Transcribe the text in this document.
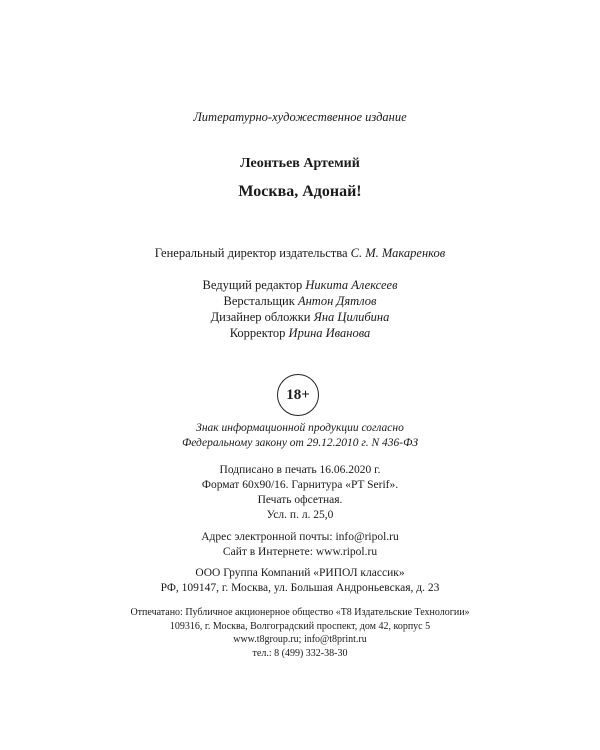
Литературно-художественное издание
Леонтьев Артемий
Москва, Адонай!
Генеральный директор издательства С. М. Макаренков
Ведущий редактор Никита Алексеев
Верстальщик Антон Дятлов
Дизайнер обложки Яна Цилибина
Корректор Ирина Иванова
18+
Знак информационной продукции согласно
Федеральному закону от 29.12.2010 г. N 436-ФЗ
Подписано в печать 16.06.2020 г.
Формат 60х90/16. Гарнитура «PT Serif».
Печать офсетная.
Усл. п. л. 25,0
Адрес электронной почты: info@ripol.ru
Сайт в Интернете: www.ripol.ru
ООО Группа Компаний «РИПОЛ классик»
РФ, 109147, г. Москва, ул. Большая Андроньевская, д. 23
Отпечатано: Публичное акционерное общество «Т8 Издательские Технологии»
109316, г. Москва, Волгоградский проспект, дом 42, корпус 5
www.t8group.ru; info@t8print.ru
тел.: 8 (499) 332-38-30
